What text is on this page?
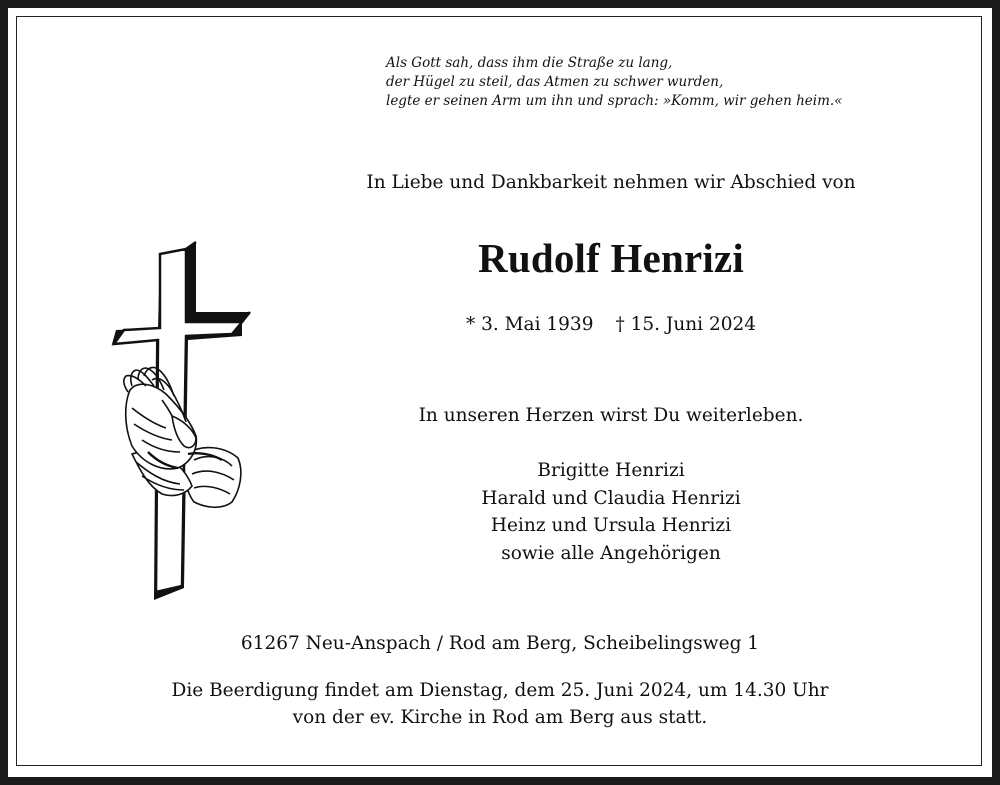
Als Gott sah, dass ihm die Straße zu lang,
der Hügel zu steil, das Atmen zu schwer wurden,
legte er seinen Arm um ihn und sprach: »Komm, wir gehen heim.«
In Liebe und Dankbarkeit nehmen wir Abschied von
Rudolf Henrizi
* 3. Mai 1939 † 15. Juni 2024
In unseren Herzen wirst Du weiterleben.
Brigitte Henrizi
Harald und Claudia Henrizi
Heinz und Ursula Henrizi
sowie alle Angehörigen
61267 Neu-Anspach / Rod am Berg, Scheibelingsweg 1
Die Beerdigung findet am Dienstag, dem 25. Juni 2024, um 14.30 Uhr
von der ev. Kirche in Rod am Berg aus statt.
